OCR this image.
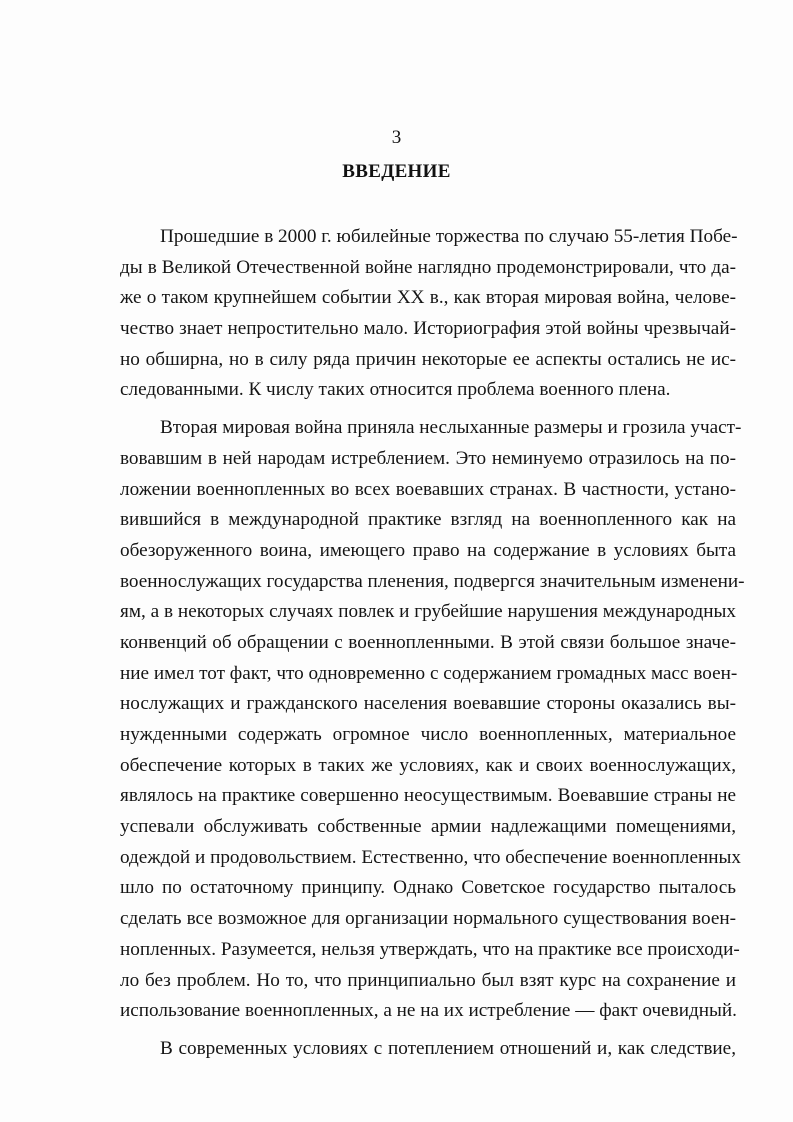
3
ВВЕДЕНИЕ
Прошедшие в 2000 г. юбилейные торжества по случаю 55-летия Побе-
ды в Великой Отечественной войне наглядно продемонстрировали, что да-
же о таком крупнейшем событии XX в., как вторая мировая война, челове-
чество знает непростительно мало. Историография этой войны чрезвычай-
но обширна, но в силу ряда причин некоторые ее аспекты остались не ис-
следованными. К числу таких относится проблема военного плена.
Вторая мировая война приняла неслыханные размеры и грозила участ-
вовавшим в ней народам истреблением. Это неминуемо отразилось на по-
ложении военнопленных во всех воевавших странах. В частности, устано-
вившийся в международной практике взгляд на военнопленного как на
обезоруженного воина, имеющего право на содержание в условиях быта
военнослужащих государства пленения, подвергся значительным изменени-
ям, а в некоторых случаях повлек и грубейшие нарушения международных
конвенций об обращении с военнопленными. В этой связи большое значе-
ние имел тот факт, что одновременно с содержанием громадных масс воен-
нослужащих и гражданского населения воевавшие стороны оказались вы-
нужденными содержать огромное число военнопленных, материальное
обеспечение которых в таких же условиях, как и своих военнослужащих,
являлось на практике совершенно неосуществимым. Воевавшие страны не
успевали обслуживать собственные армии надлежащими помещениями,
одеждой и продовольствием. Естественно, что обеспечение военнопленных
шло по остаточному принципу. Однако Советское государство пыталось
сделать все возможное для организации нормального существования воен-
нопленных. Разумеется, нельзя утверждать, что на практике все происходи-
ло без проблем. Но то, что принципиально был взят курс на сохранение и
использование военнопленных, а не на их истребление — факт очевидный.
В современных условиях с потеплением отношений и, как следствие,
